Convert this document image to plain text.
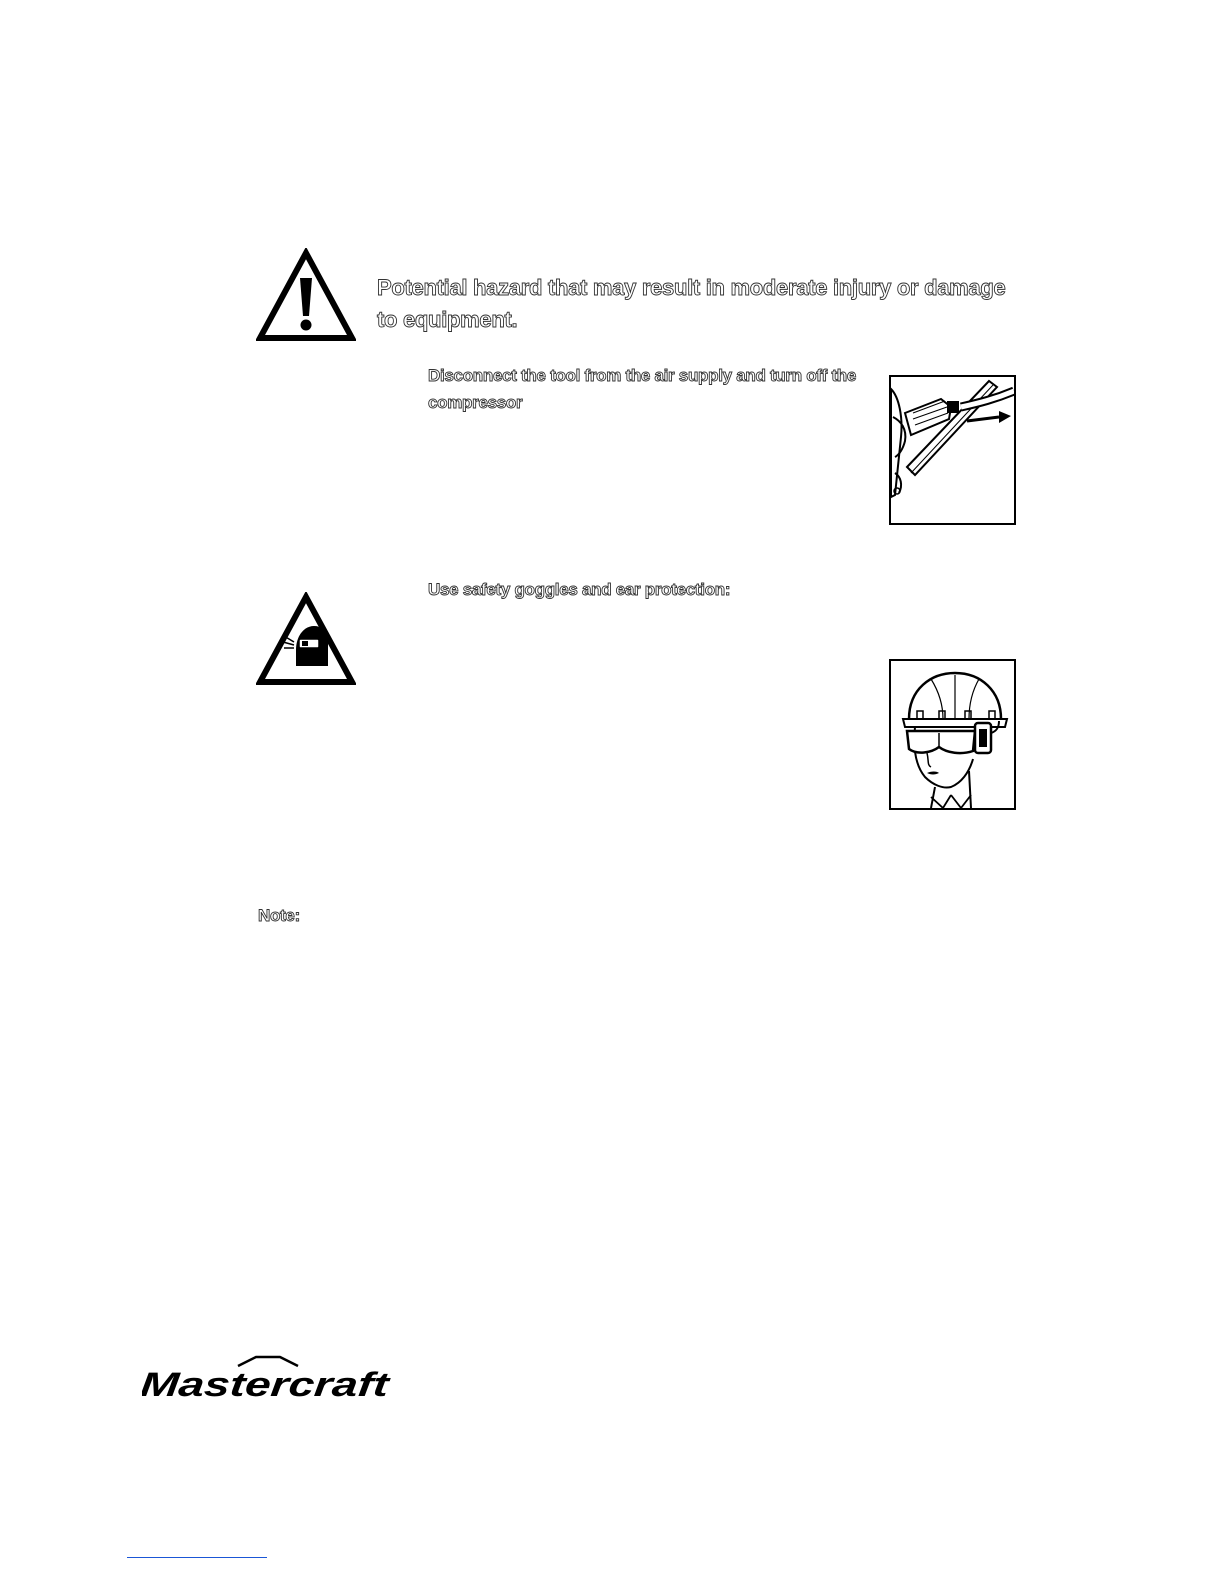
Potential hazard that may result in moderate injury or damage to equipment.

Disconnect the tool from the air supply and turn off the compressor

Use safety goggles and ear protection:

Note:

Mastercraft
